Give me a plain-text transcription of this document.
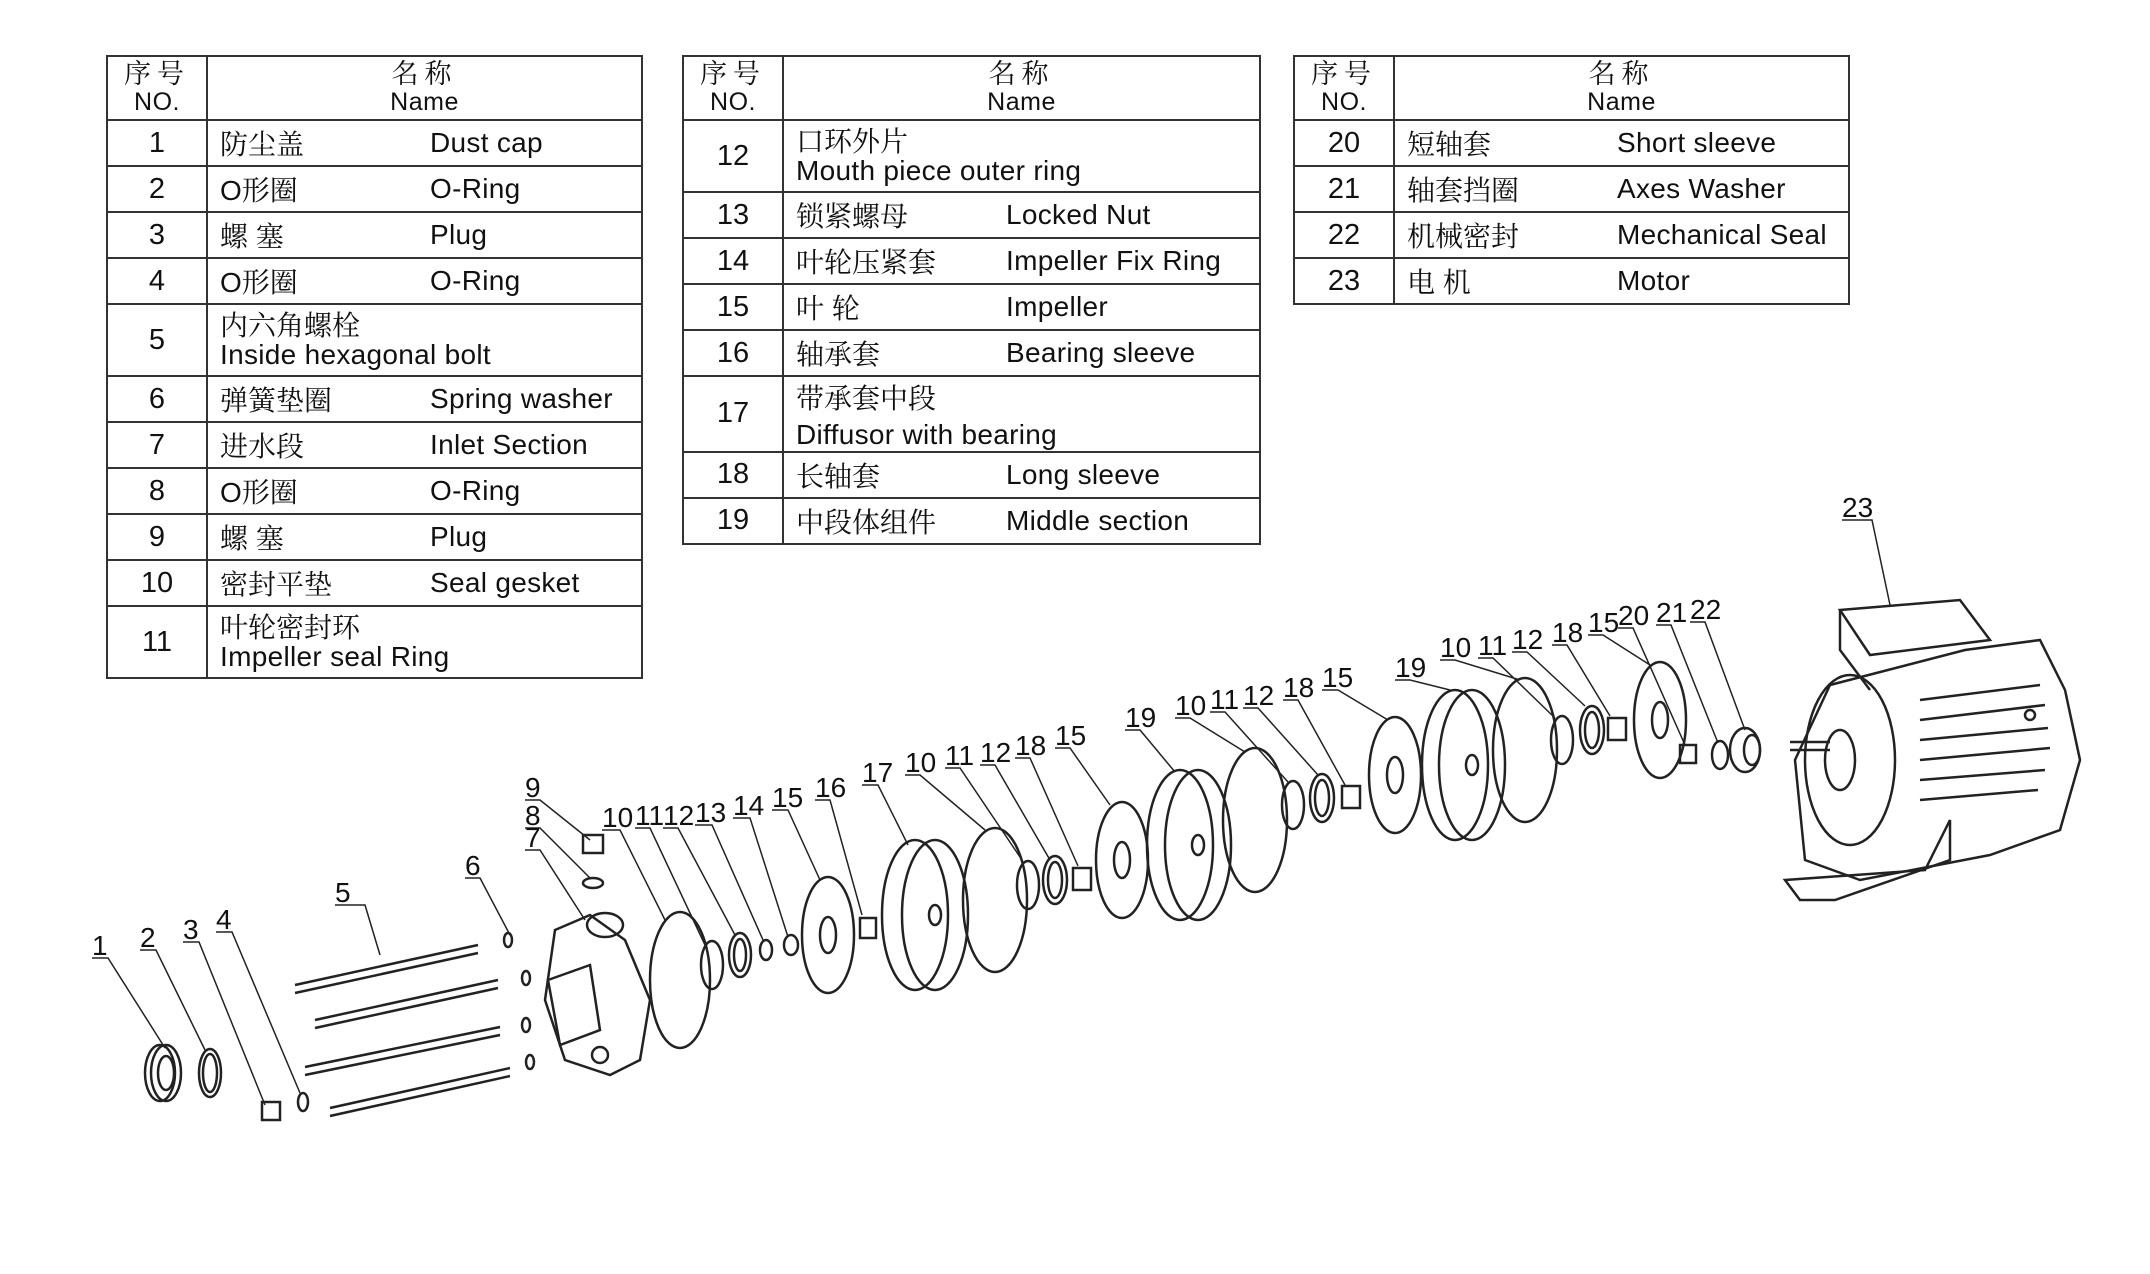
序号
NO.	名称
Name

1	防尘盖 Dust cap
2	O形圈 O-Ring
3	螺 塞 Plug
4	O形圈 O-Ring
5	内六角螺栓
Inside hexagonal bolt

6	弹簧垫圈 Spring washer
7	进水段 Inlet Section
8	O形圈 O-Ring
9	螺 塞 Plug
10	密封平垫 Seal gesket
11	叶轮密封环
Impeller seal Ring
序号
NO.	名称
Name

12	口环外片
Mouth piece outer ring

13	锁紧螺母 Locked Nut
14	叶轮压紧套 Impeller Fix Ring
15	叶 轮 Impeller
16	轴承套 Bearing sleeve
17	带承套中段Diffusor with bearing
18	长轴套 Long sleeve
19	中段体组件 Middle section
序号
NO.	名称
Name

20	短轴套 Short sleeve
21	轴套挡圈 Axes Washer
22	机械密封 Mechanical Seal
23	电 机 Motor
1 2 3 4
5
6
7
8
9
10 11
12 13 14 15 16 17 10 11 12 18 15
19 10 11 12 18 15 19
10 11 12 18 15
20 21 22
23
